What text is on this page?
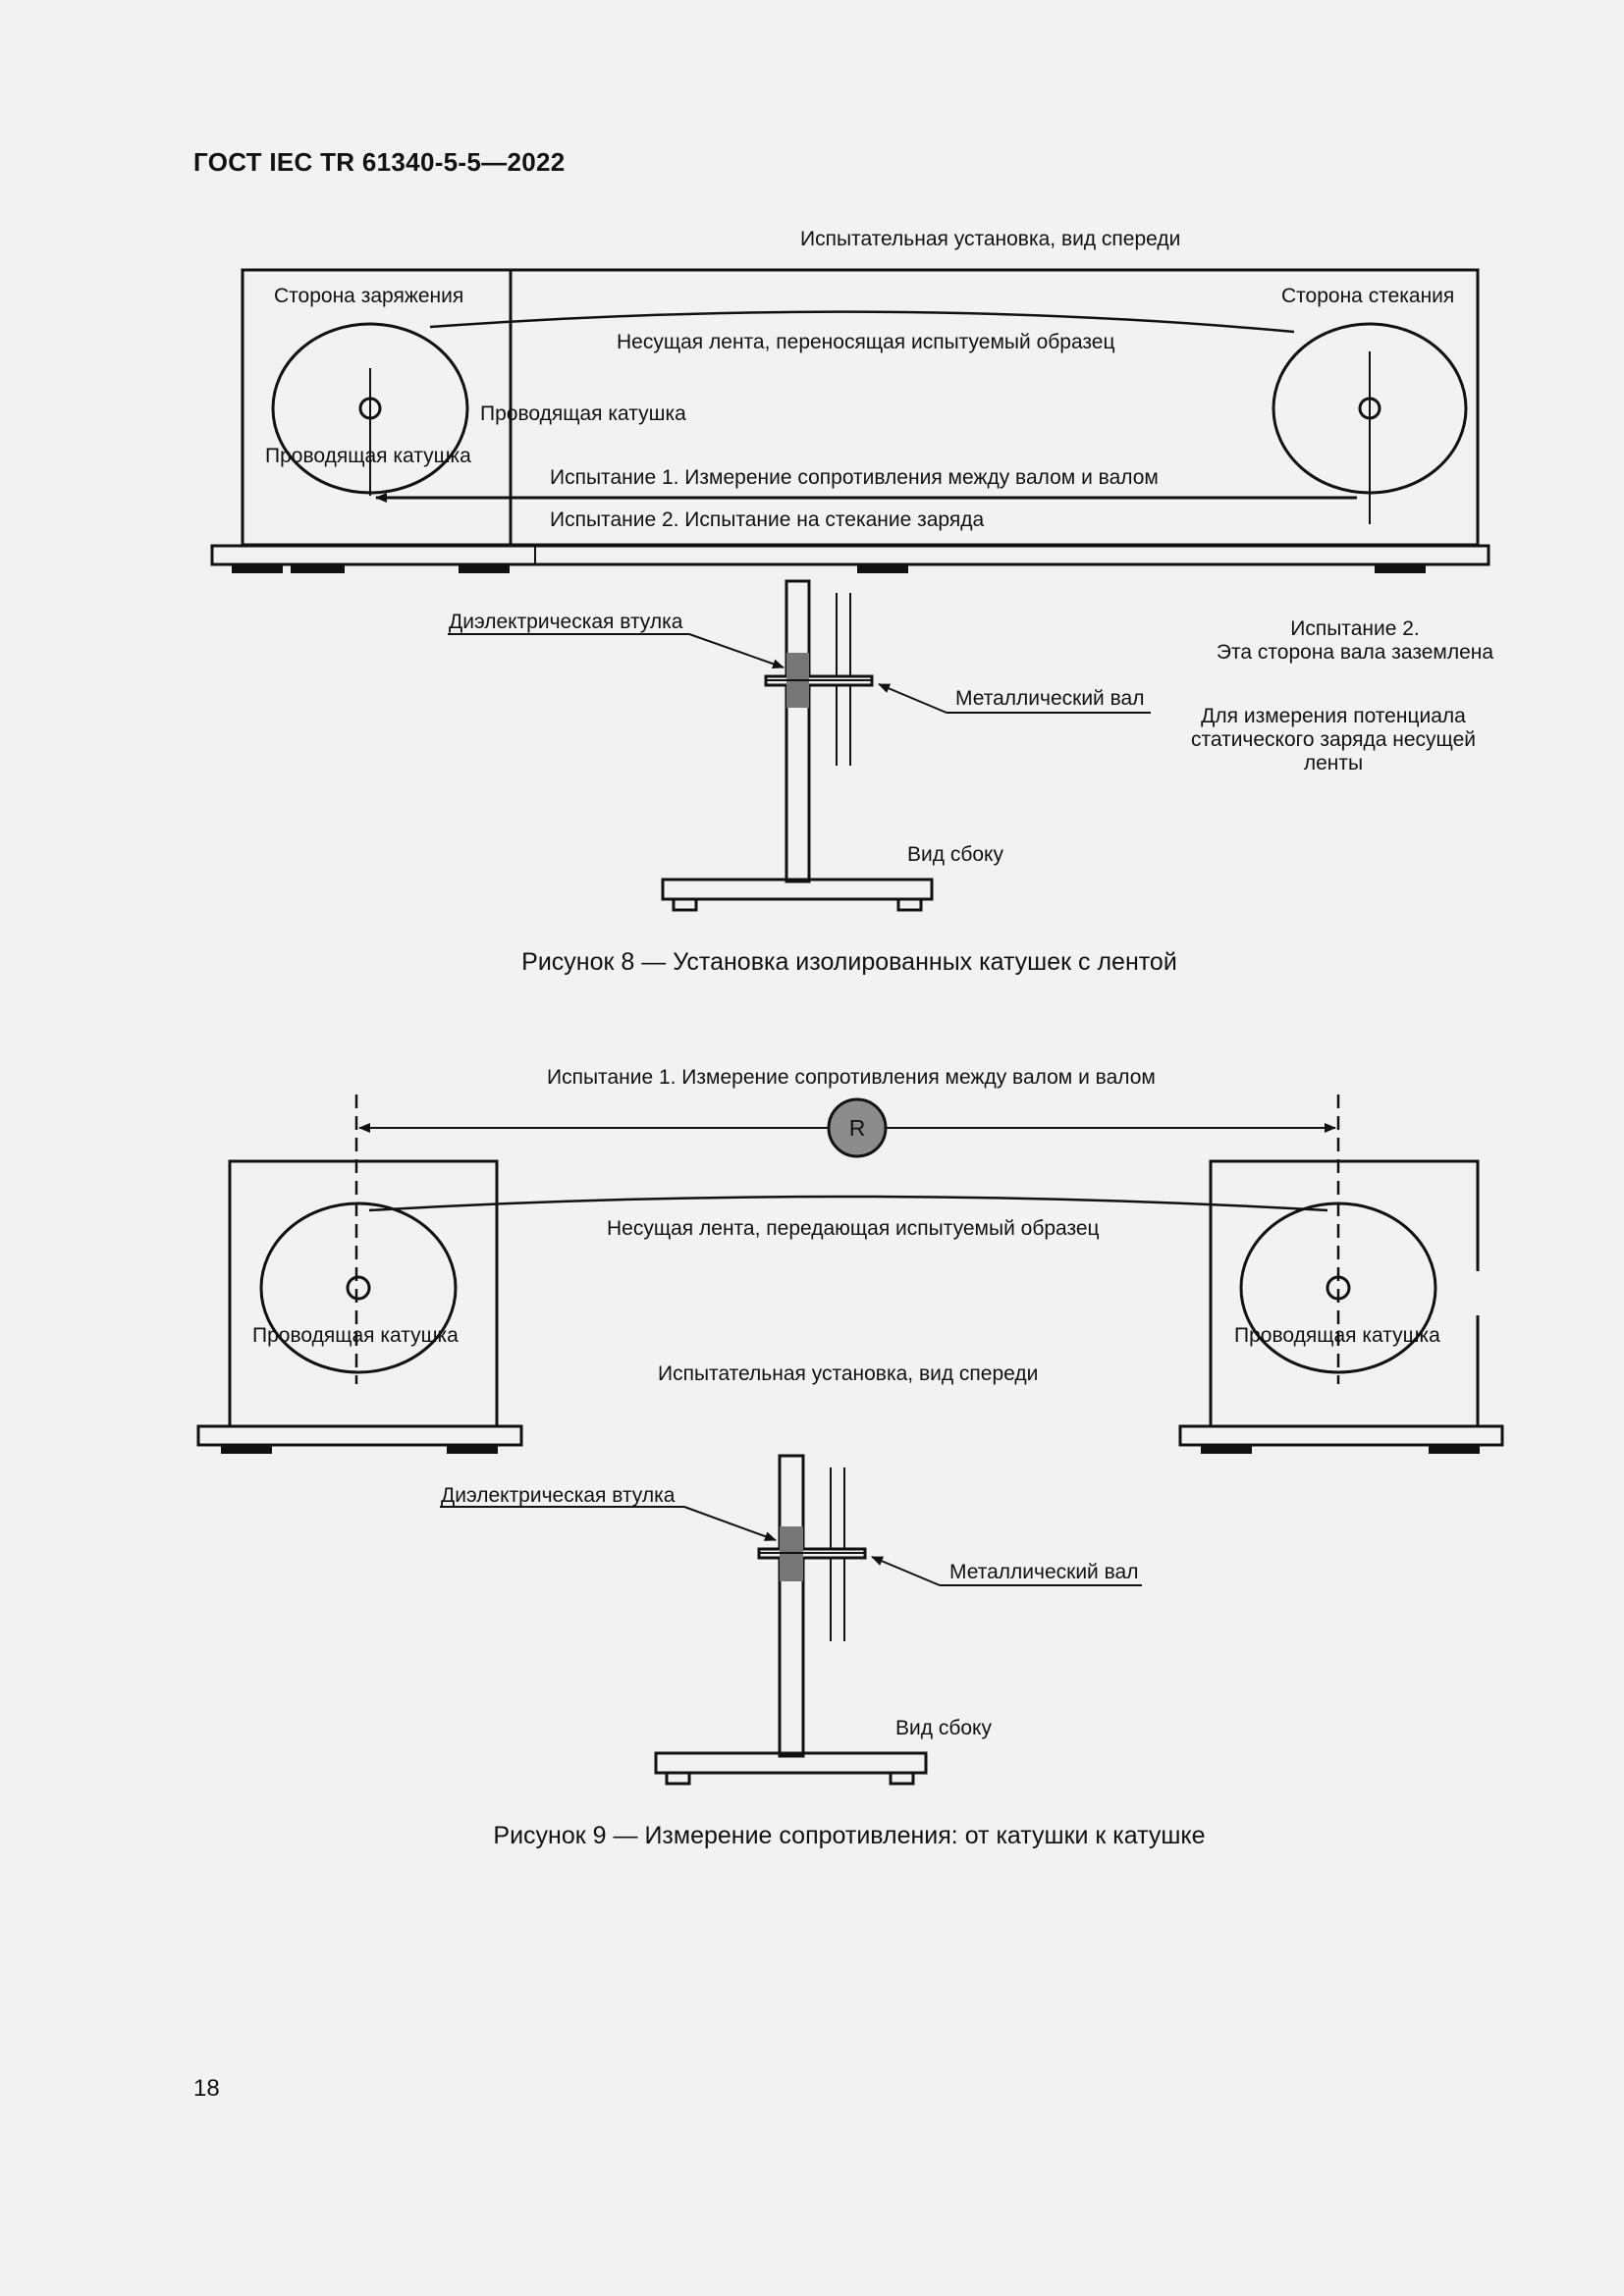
ГОСТ IEC TR 61340-5-5—2022
Испытательная установка, вид спереди
Сторона заряжения	Сторона стекания
Несущая лента, переносящая испытуемый образец
Проводящая катушка
Проводящая катушка
Испытание 1. Измерение сопротивления между валом и валом
Испытание 2. Испытание на стекание заряда
Диэлектрическая втулка
Металлический вал
Испытание 2.
Эта сторона вала заземлена
Для измерения потенциала
статического заряда несущей
ленты
Вид сбоку
Рисунок 8 — Установка изолированных катушек с лентой
R
Испытание 1. Измерение сопротивления между валом и валом
Несущая лента, передающая испытуемый образец
Проводящая катушка	Проводящая катушка
Испытательная установка, вид спереди
Диэлектрическая втулка
Металлический вал
Вид сбоку
Рисунок 9 — Измерение сопротивления: от катушки к катушке
18
